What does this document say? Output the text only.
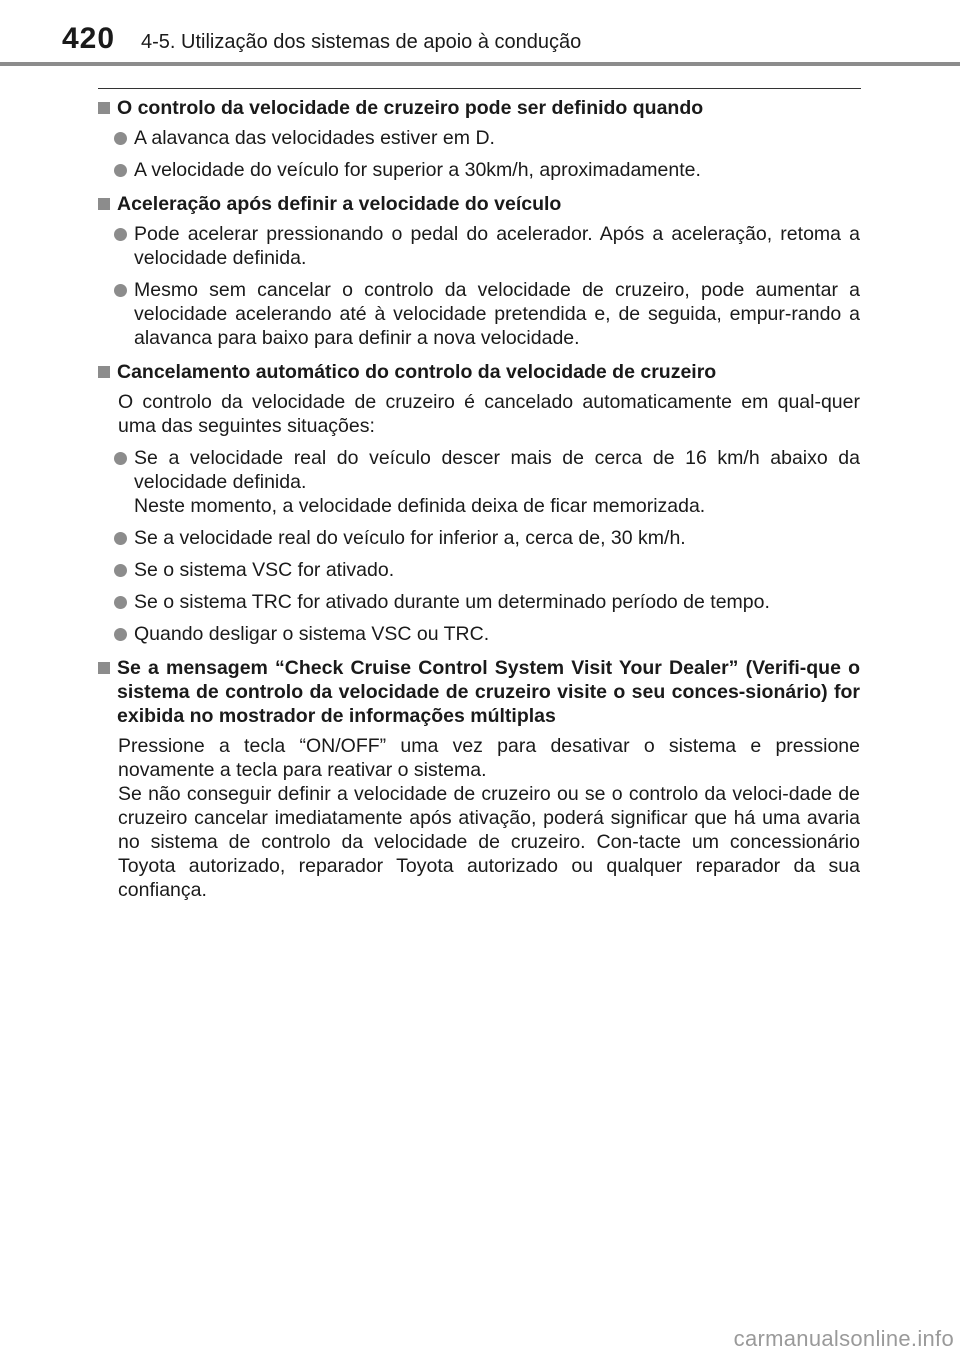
420 4-5. Utilização dos sistemas de apoio à condução
O controlo da velocidade de cruzeiro pode ser definido quando
A alavanca das velocidades estiver em D.
A velocidade do veículo for superior a 30km/h, aproximadamente.
Aceleração após definir a velocidade do veículo
Pode acelerar pressionando o pedal do acelerador. Após a aceleração, retoma a velocidade definida.
Mesmo sem cancelar o controlo da velocidade de cruzeiro, pode aumentar a velocidade acelerando até à velocidade pretendida e, de seguida, empur-rando a alavanca para baixo para definir a nova velocidade.
Cancelamento automático do controlo da velocidade de cruzeiro
O controlo da velocidade de cruzeiro é cancelado automaticamente em qual-quer uma das seguintes situações:
Se a velocidade real do veículo descer mais de cerca de 16 km/h abaixo da velocidade definida.
Neste momento, a velocidade definida deixa de ficar memorizada.
Se a velocidade real do veículo for inferior a, cerca de, 30 km/h.
Se o sistema VSC for ativado.
Se o sistema TRC for ativado durante um determinado período de tempo.
Quando desligar o sistema VSC ou TRC.
Se a mensagem “Check Cruise Control System Visit Your Dealer” (Verifi-que o sistema de controlo da velocidade de cruzeiro visite o seu conces-sionário) for exibida no mostrador de informações múltiplas
Pressione a tecla “ON/OFF” uma vez para desativar o sistema e pressione novamente a tecla para reativar o sistema.
Se não conseguir definir a velocidade de cruzeiro ou se o controlo da veloci-dade de cruzeiro cancelar imediatamente após ativação, poderá significar que há uma avaria no sistema de controlo da velocidade de cruzeiro. Con-tacte um concessionário Toyota autorizado, reparador Toyota autorizado ou qualquer reparador da sua confiança.
carmanualsonline.info
